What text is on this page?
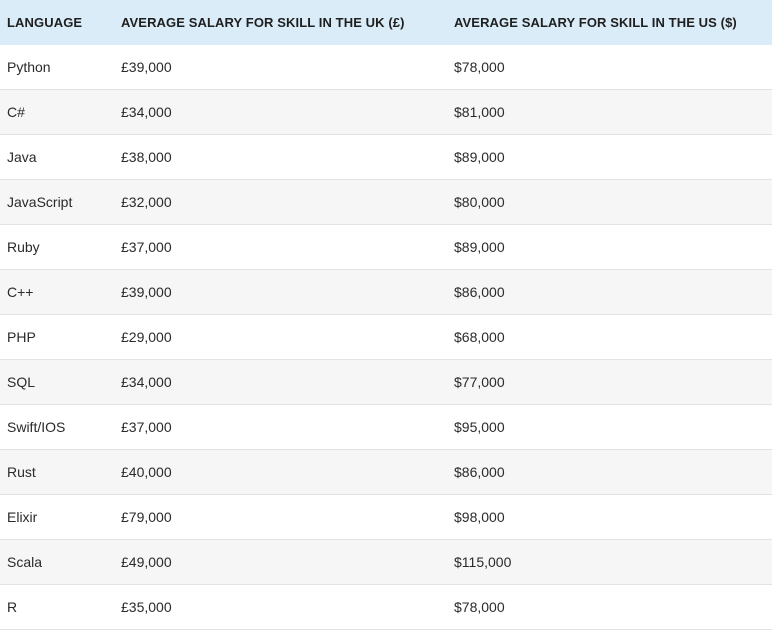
LANGUAGE	AVERAGE SALARY FOR SKILL IN THE UK (£)	AVERAGE SALARY FOR SKILL IN THE US ($)
Python	£39,000	$78,000
C#	£34,000	$81,000
Java	£38,000	$89,000
JavaScript	£32,000	$80,000
Ruby	£37,000	$89,000
C++	£39,000	$86,000
PHP	£29,000	$68,000
SQL	£34,000	$77,000
Swift/IOS	£37,000	$95,000
Rust	£40,000	$86,000
Elixir	£79,000	$98,000
Scala	£49,000	$115,000
R	£35,000	$78,000
